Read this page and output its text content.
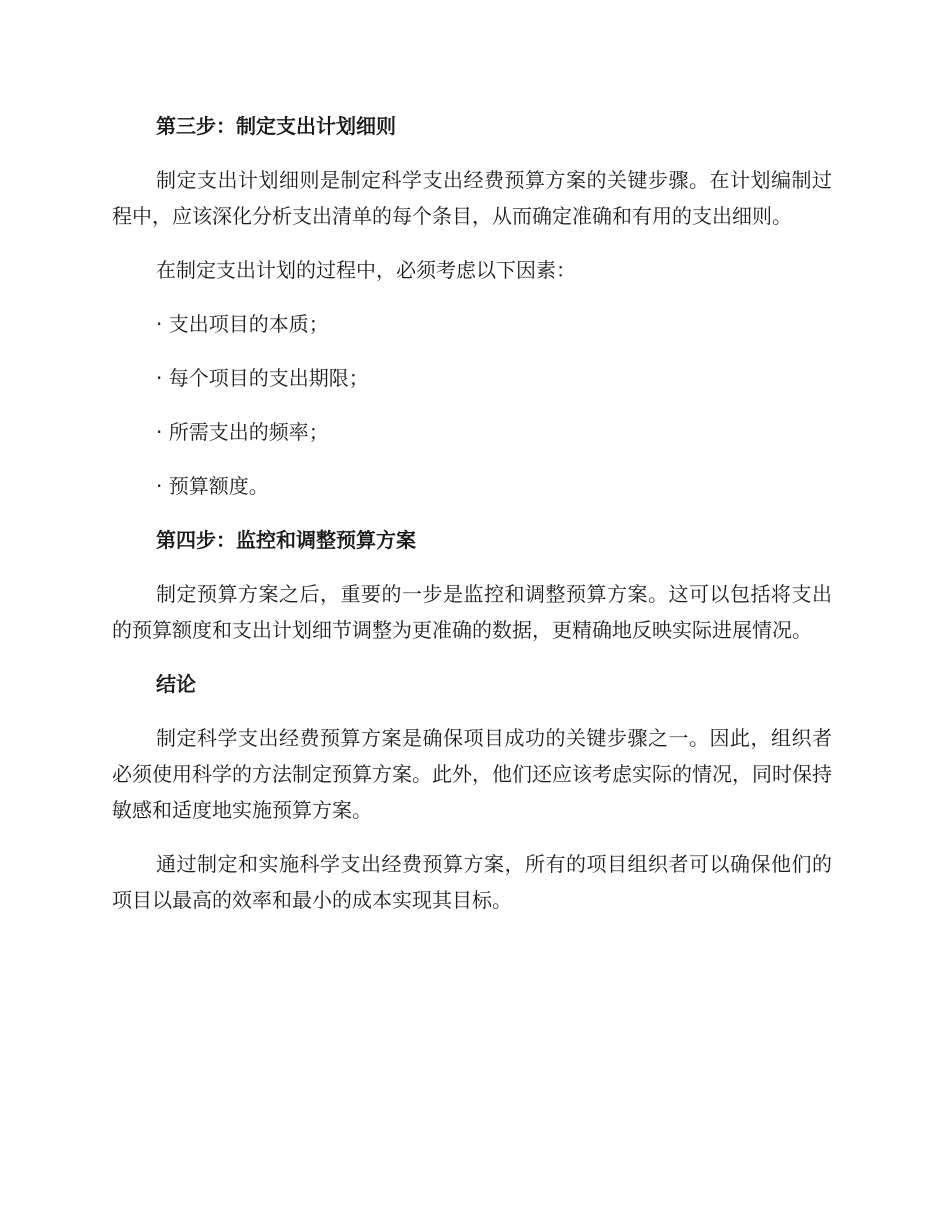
第三步：制定支出计划细则
制定支出计划细则是制定科学支出经费预算方案的关键步骤。在计划编制过程中，应该深化分析支出清单的每个条目，从而确定准确和有用的支出细则。
在制定支出计划的过程中，必须考虑以下因素：
· 支出项目的本质；
· 每个项目的支出期限；
· 所需支出的频率；
· 预算额度。
第四步：监控和调整预算方案
制定预算方案之后，重要的一步是监控和调整预算方案。这可以包括将支出的预算额度和支出计划细节调整为更准确的数据，更精确地反映实际进展情况。
结论
制定科学支出经费预算方案是确保项目成功的关键步骤之一。因此，组织者必须使用科学的方法制定预算方案。此外，他们还应该考虑实际的情况，同时保持敏感和适度地实施预算方案。
通过制定和实施科学支出经费预算方案，所有的项目组织者可以确保他们的项目以最高的效率和最小的成本实现其目标。
